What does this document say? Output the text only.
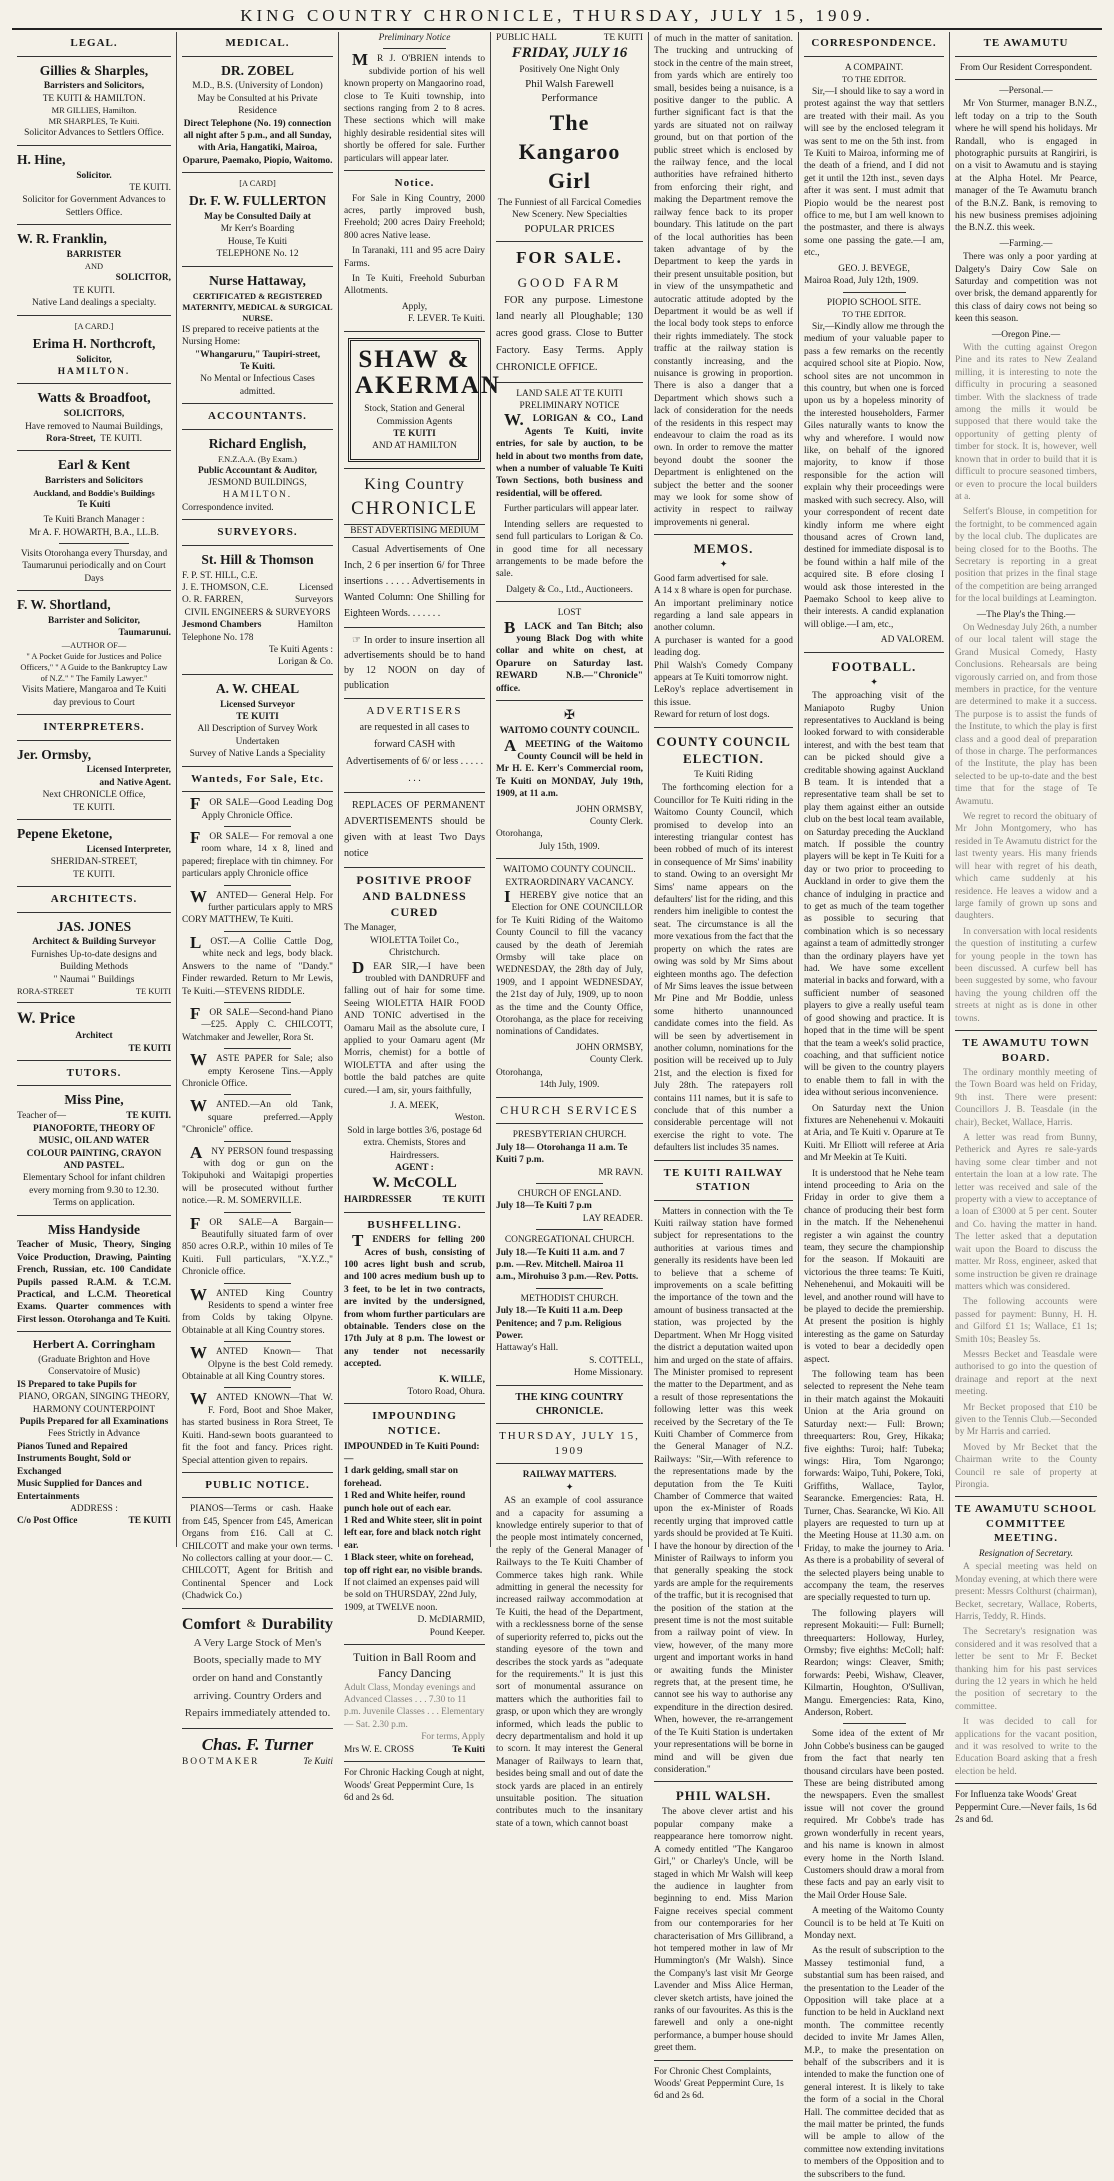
KING COUNTRY CHRONICLE, THURSDAY, JULY 15, 1909.
LEGAL.
Gillies & Sharples,
Barristers and Solicitors,
TE KUITI & HAMILTON.
MR GILLIES, Hamilton.
MR SHARPLES, Te Kuiti.
Solicitor Advances to Settlers Office.
H. Hine,
Solicitor.
TE KUITI.
Solicitor for Government Advances to Settlers Office.
W. R. Franklin,
BARRISTER
AND
SOLICITOR,
TE KUITI.
Native Land dealings a specialty.
[A CARD.]
Erima H. Northcroft,
Solicitor,
HAMILTON.
Watts & Broadfoot,
SOLICITORS,
Have removed to Naumai Buildings,
Rora-Street, TE KUITI.
Earl & Kent
Barristers and Solicitors
Auckland, and Boddie's Buildings
Te Kuiti
Te Kuiti Branch Manager :
Mr A. F. HOWARTH, B.A., LL.B.
Visits Otorohanga every Thursday, and Taumarunui periodically and on Court Days
F. W. Shortland,
Barrister and Solicitor,
Taumarunui.
—AUTHOR OF—
" A Pocket Guide for Justices and Police Officers," " A Guide to the Bankruptcy Law of N.Z." " The Family Lawyer."
Visits Matiere, Mangaroa and Te Kuiti day previous to Court
INTERPRETERS.
Jer. Ormsby,
Licensed Interpreter,
and Native Agent.
Next CHRONICLE Office,
TE KUITI.
Pepene Eketone,
Licensed Interpreter,
SHERIDAN-STREET,
TE KUITI.
ARCHITECTS.
JAS. JONES
Architect & Building Surveyor
Furnishes Up-to-date designs and Building Methods
" Naumai " Buildings
RORA-STREET	TE KUITI
W. Price
Architect
TE KUITI
TUTORS.
Miss Pine,
Teacher of—	TE KUITI.
PIANOFORTE, THEORY OF MUSIC, OIL AND WATER COLOUR PAINTING, CRAYON AND PASTEL.
Elementary School for infant children every morning from 9.30 to 12.30.
Terms on application.
Miss Handyside
Teacher of Music, Theory, Singing Voice Production, Drawing, Painting French, Russian, etc. 100 Candidate Pupils passed R.A.M. & T.C.M. Practical, and L.C.M. Theoretical Exams. Quarter commences with First lesson. Otorohanga and Te Kuiti.
Herbert A. Corringham
(Graduate Brighton and Hove Conservatoire of Music)
IS Prepared to take Pupils for
PIANO, ORGAN, SINGING THEORY, HARMONY COUNTERPOINT
Pupils Prepared for all Examinations
Fees Strictly in Advance
Pianos Tuned and Repaired Instruments Bought, Sold or Exchanged
Music Supplied for Dances and Entertainments
ADDRESS :
C/o Post Office	TE KUITI
MEDICAL.
DR. ZOBEL
M.D., B.S. (University of London)
May be Consulted at his Private Residence
Direct Telephone (No. 19) connection all night after 5 p.m., and all Sunday, with Aria, Hangatiki, Mairoa, Oparure, Paemako, Piopio, Waitomo.
[A CARD]
Dr. F. W. FULLERTON
May be Consulted Daily at
Mr Kerr's Boarding
House, Te Kuiti
TELEPHONE No. 12
Nurse Hattaway,
CERTIFICATED & REGISTERED MATERNITY, MEDICAL & SURGICAL NURSE.
IS prepared to receive patients at the Nursing Home:
"Whangaruru," Taupiri-street,
Te Kuiti.
No Mental or Infectious Cases admitted.
ACCOUNTANTS.
Richard English,
F.N.Z.A.A. (By Exam.)
Public Accountant & Auditor,
JESMOND BUILDINGS,
HAMILTON.
Correspondence invited.
SURVEYORS.
St. Hill & Thomson
F. P. ST. HILL, C.E.
J. E. THOMSON, C.E.	Licensed
O. R. FARREN,	Surveyors
CIVIL ENGINEERS & SURVEYORS
Jesmond Chambers	Hamilton
Telephone No. 178
Te Kuiti Agents :
Lorigan & Co.
A. W. CHEAL
Licensed Surveyor
TE KUITI
All Description of Survey Work
Undertaken
Survey of Native Lands a Speciality
Wanteds, For Sale, Etc.

FOR SALE—Good Leading Dog Apply Chronicle Office.

FOR SALE— For removal a one room whare, 14 x 8, lined and papered; fireplace with tin chimney. For particulars apply Chronicle office

WANTED— General Help. For further particulars apply to MRS CORY MATTHEW, Te Kuiti.

LOST.—A Collie Cattle Dog, white neck and legs, body black. Answers to the name of "Dandy." Finder rewarded. Return to Mr Lewis, Te Kuiti.—STEVENS RIDDLE.

FOR SALE—Second-hand Piano—£25. Apply C. CHILCOTT, Watchmaker and Jeweller, Rora St.

WASTE PAPER for Sale; also empty Kerosene Tins.—Apply Chronicle Office.

WANTED.—An old Tank, square preferred.—Apply "Chronicle" office.

ANY PERSON found trespassing with dog or gun on the Tokipuhoki and Waitapigi properties will be prosecuted without further notice.—R. M. SOMERVILLE.

FOR SALE—A Bargain—Beautifully situated farm of over 850 acres O.R.P., within 10 miles of Te Kuiti. Full particulars, "X.Y.Z.," Chronicle office.

WANTED King Country Residents to spend a winter free from Colds by taking Olpyne. Obtainable at all King Country stores.

WANTED Known— That Olpyne is the best Cold remedy. Obtainable at all King Country stores.

WANTED KNOWN—That W. F. Ford, Boot and Shoe Maker, has started business in Rora Street, Te Kuiti. Hand-sewn boots guaranteed to fit the foot and fancy. Prices right. Special attention given to repairs.

PUBLIC NOTICE.

PIANOS—Terms or cash. Haake from £45, Spencer from £45, American Organs from £16. Call at C. CHILCOTT and make your own terms. No collectors calling at your door.— C. CHILCOTT, Agent for British and Continental Spencer and Lock (Chadwick Co.)

Comfort & Durability
A Very Large Stock of Men's Boots, specially made to MY order on hand and Constantly arriving. Country Orders and Repairs immediately attended to.
Chas. F. Turner
BOOTMAKER	Te Kuiti
Preliminary Notice

MR J. O'BRIEN intends to subdivide portion of his well known property on Mangaorino road, close to Te Kuiti township, into sections ranging from 2 to 8 acres. These sections which will make highly desirable residential sites will shortly be offered for sale. Further particulars will appear later.

Notice.

For Sale in King Country, 2000 acres, partly improved bush, Freehold; 200 acres Dairy Freehold; 800 acres Native lease.

In Taranaki, 111 and 95 acre Dairy Farms.

In Te Kuiti, Freehold Suburban Allotments.

Apply,
F. LEVER. Te Kuiti.
SHAW &
AKERMAN
Stock, Station and General Commission Agents
TE KUITI
AND AT HAMILTON
King Country
CHRONICLE
BEST ADVERTISING MEDIUM

Casual Advertisements of One Inch, 2 6 per insertion 6/ for Three insertions . . . . . Advertisements in Wanted Column: One Shilling for Eighteen Words. . . . . . .

☞ In order to insure insertion all advertisements should be to hand by 12 NOON on day of publication

ADVERTISERS
are requested in all cases to forward CASH with Advertisements of 6/ or less . . . . . . . .

REPLACES OF PERMANENT ADVERTISEMENTS should be given with at least Two Days notice

POSITIVE PROOF AND BALDNESS CURED
The Manager,
WIOLETTA Toilet Co.,
Christchurch.

DEAR SIR,—I have been troubled with DANDRUFF and falling out of hair for some time. Seeing WIOLETTA HAIR FOOD AND TONIC advertised in the Oamaru Mail as the absolute cure, I applied to your Oamaru agent (Mr Morris, chemist) for a bottle of WIOLETTA and after using the bottle the bald patches are quite cured.—I am, sir, yours faithfully,

J. A. MEEK,
Weston.
Sold in large bottles 3/6, postage 6d extra. Chemists, Stores and Hairdressers.
AGENT :
W. McCOLL
HAIRDRESSER	TE KUITI
BUSHFELLING.

TENDERS for felling 200 Acres of bush, consisting of 100 acres light bush and scrub, and 100 acres medium bush up to 3 feet, to be let in two contracts, are invited by the undersigned, from whom further particulars are obtainable. Tenders close on the 17th July at 8 p.m. The lowest or any tender not necessarily accepted.

K. WILLE,
Totoro Road, Ohura.
IMPOUNDING NOTICE.
IMPOUNDED in Te Kuiti Pound:—
1 dark gelding, small star on forehead.
1 Red and White heifer, round punch hole out of each ear.
1 Red and White steer, slit in point left ear, fore and black notch right ear.
1 Black steer, white on forehead, top off right ear, no visible brands.
If not claimed an expenses paid will be sold on THURSDAY, 22nd July, 1909, at TWELVE noon.
D. McDIARMID,
Pound Keeper.
Tuition in Ball Room and Fancy Dancing
Adult Class, Monday evenings and Advanced Classes . . . 7.30 to 11 p.m. Juvenile Classes . . . Elementary — Sat. 2.30 p.m.
For terms, Apply
Mrs W. E. CROSS	Te Kuiti
For Chronic Hacking Cough at night, Woods' Great Peppermint Cure, 1s 6d and 2s 6d.
PUBLIC HALL	TE KUITI
FRIDAY, JULY 16
Positively One Night Only
Phil Walsh Farewell Performance
The Kangaroo Girl
The Funniest of all Farcical Comedies
New Scenery. New Specialties
POPULAR PRICES
FOR SALE.
GOOD FARM

FOR any purpose. Limestone land nearly all Ploughable; 130 acres good grass. Close to Butter Factory. Easy Terms. Apply CHRONICLE OFFICE.

LAND SALE AT TE KUITI
PRELIMINARY NOTICE

W.LORIGAN & CO., Land Agents Te Kuiti, invite entries, for sale by auction, to be held in about two months from date, when a number of valuable Te Kuiti Town Sections, both business and residential, will be offered.

Further particulars will appear later.

Intending sellers are requested to send full particulars to Lorigan & Co. in good time for all necessary arrangements to be made before the sale.

Dalgety & Co., Ltd., Auctioneers.
LOST

BLACK and Tan Bitch; also young Black Dog with white collar and white on chest, at Oparure on Saturday last. REWARD N.B.—"Chronicle" office.

✠
WAITOMO COUNTY COUNCIL.

AMEETING of the Waitomo County Council will be held in Mr H. E. Kerr's Commercial room, Te Kuiti on MONDAY, July 19th, 1909, at 11 a.m.

JOHN ORMSBY,
County Clerk.
Otorohanga,
July 15th, 1909.
WAITOMO COUNTY COUNCIL.
EXTRAORDINARY VACANCY.

IHEREBY give notice that an Election for ONE COUNCILLOR for Te Kuiti Riding of the Waitomo County Council to fill the vacancy caused by the death of Jeremiah Ormsby will take place on WEDNESDAY, the 28th day of July, 1909, and I appoint WEDNESDAY, the 21st day of July, 1909, up to noon as the time and the County Office, Otorohanga, as the place for receiving nominations of Candidates.

JOHN ORMSBY,
County Clerk.
Otorohanga,
14th July, 1909.
CHURCH SERVICES
PRESBYTERIAN CHURCH.
July 18— Otorohanga 11 a.m. Te Kuiti 7 p.m.
MR RAVN.
CHURCH OF ENGLAND.
July 18—Te Kuiti 7 p.m
LAY READER.
CONGREGATIONAL CHURCH.
July 18.—Te Kuiti 11 a.m. and 7 p.m. —Rev. Mitchell. Mairoa 11 a.m., Mirohuiso 3 p.m.—Rev. Potts.
METHODIST CHURCH.
July 18.—Te Kuiti 11 a.m. Deep Penitence; and 7 p.m. Religious Power.
Hattaway's Hall.
S. COTTELL,
Home Missionary.
THE KING COUNTRY CHRONICLE.
THURSDAY, JULY 15, 1909
RAILWAY MATTERS.
✦

AS an example of cool assurance and a capacity for assuming a knowledge entirely superior to that of the people most intimately concerned, the reply of the General Manager of Railways to the Te Kuiti Chamber of Commerce takes high rank. While admitting in general the necessity for increased railway accommodation at Te Kuiti, the head of the Department, with a recklessness borne of the sense of superiority referred to, picks out the standing eyesore of the town and describes the stock yards as "adequate for the requirements." It is just this sort of monumental assurance on matters which the authorities fail to grasp, or upon which they are wrongly informed, which leads the public to decry departmentalism and hold it up to scorn. It may interest the General Manager of Railways to learn that, besides being small and out of date the stock yards are placed in an entirely unsuitable position. The situation contributes much to the insanitary state of a town, which cannot boast

of much in the matter of sanitation. The trucking and untrucking of stock in the centre of the main street, from yards which are entirely too small, besides being a nuisance, is a positive danger to the public. A further significant fact is that the yards are situated not on railway ground, but on that portion of the public street which is enclosed by the railway fence, and the local authorities have refrained hitherto from enforcing their right, and making the Department remove the railway fence back to its proper boundary. This latitude on the part of the local authorities has been taken advantage of by the Department to keep the yards in their present unsuitable position, but in view of the unsympathetic and autocratic attitude adopted by the Department it would be as well if the local body took steps to enforce their rights immediately. The stock traffic at the railway station is constantly increasing, and the nuisance is growing in proportion. There is also a danger that a Department which shows such a lack of consideration for the needs of the residents in this respect may endeavour to claim the road as its own. In order to remove the matter beyond doubt the sooner the Department is enlightened on the subject the better and the sooner may we look for some show of activity in respect to railway improvements ni general.

MEMOS.
✦

Good farm advertised for sale.
A 14 x 8 whare is open for purchase.
An important preliminary notice regarding a land sale appears in another column.
A purchaser is wanted for a good leading dog.
Phil Walsh's Comedy Company appears at Te Kuiti tomorrow night.
LeRoy's replace advertisement in this issue.
Reward for return of lost dogs.

COUNTY COUNCIL ELECTION.
Te Kuiti Riding

The forthcoming election for a Councillor for Te Kuiti riding in the Waitomo County Council, which promised to develop into an interesting triangular contest has been robbed of much of its interest in consequence of Mr Sims' inability to stand. Owing to an oversight Mr Sims' name appears on the defaulters' list for the riding, and this renders him ineligible to contest the seat. The circumstance is all the more vexatious from the fact that the property on which the rates are owing was sold by Mr Sims about eighteen months ago. The defection of Mr Sims leaves the issue between Mr Pine and Mr Boddie, unless some hitherto unannounced candidate comes into the field. As will be seen by advertisement in another column, nominations for the position will be received up to July 21st, and the election is fixed for July 28th. The ratepayers roll contains 111 names, but it is safe to conclude that of this number a considerable percentage will not exercise the right to vote. The defaulters list includes 35 names.

TE KUITI RAILWAY STATION

Matters in connection with the Te Kuiti railway station have formed subject for representations to the authorities at various times and generally its residents have been led to believe that a scheme of improvements on a scale befitting the importance of the town and the amount of business transacted at the station, was projected by the Department. When Mr Hogg visited the district a deputation waited upon him and urged on the state of affairs. The Minister promised to represent the matter to the Department, and as a result of those representations the following letter was this week received by the Secretary of the Te Kuiti Chamber of Commerce from the General Manager of N.Z. Railways: "Sir,—With reference to the representations made by the deputation from the Te Kuiti Chamber of Commerce that waited upon the ex-Minister of Roads recently urging that improved cattle yards should be provided at Te Kuiti. I have the honour by direction of the Minister of Railways to inform you that generally speaking the stock yards are ample for the requirements of the traffic, but it is recognised that the position of the station at the present time is not the most suitable from a railway point of view. In view, however, of the many more urgent and important works in hand or awaiting funds the Minister regrets that, at the present time, he cannot see his way to authorise any expenditure in the direction desired. When, however, the re-arrangement of the Te Kuiti Station is undertaken your representations will be borne in mind and will be given due consideration."

PHIL WALSH.

The above clever artist and his popular company make a reappearance here tomorrow night. A comedy entitled "The Kangaroo Girl," or Charley's Uncle, will be staged in which Mr Walsh will keep the audience in laughter from beginning to end. Miss Marion Faigne receives special comment from our contemporaries for her characterisation of Mrs Gillibrand, a hot tempered mother in law of Mr Hummington's (Mr Walsh). Since the Company's last visit Mr George Lavender and Miss Alice Herman, clever sketch artists, have joined the ranks of our favourites. As this is the farewell and only a one-night performance, a bumper house should greet them.

For Chronic Chest Complaints, Woods' Great Peppermint Cure, 1s 6d and 2s 6d.
CORRESPONDENCE.
A COMPAINT.
TO THE EDITOR.

Sir,—I should like to say a word in protest against the way that settlers are treated with their mail. As you will see by the enclosed telegram it was sent to me on the 5th inst. from Te Kuiti to Mairoa, informing me of the death of a friend, and I did not get it until the 12th inst., seven days after it was sent. I must admit that Piopio would be the nearest post office to me, but I am well known to the postmaster, and there is always some one passing the gate.—I am, etc.,

GEO. J. BEVEGE,
Mairoa Road, July 12th, 1909.
PIOPIO SCHOOL SITE.
TO THE EDITOR.

Sir,—Kindly allow me through the medium of your valuable paper to pass a few remarks on the recently acquired school site at Piopio. Now, school sites are not uncommon in this country, but when one is forced upon us by a hopeless minority of the interested householders, Farmer Giles naturally wants to know the why and wherefore. I would now like, on behalf of the ignored majority, to know if those responsible for the action will explain why their proceedings were masked with such secrecy. Also, will your correspondent of recent date kindly inform me where eight thousand acres of Crown land, destined for immediate disposal is to be found within a half mile of the acquired site. B efore closing I would ask those interested in the Paemako School to keep alive to their interests. A candid explanation will oblige.—I am, etc.,

AD VALOREM.
FOOTBALL.
✦

The approaching visit of the Maniapoto Rugby Union representatives to Auckland is being looked forward to with considerable interest, and with the best team that can be picked should give a creditable showing against Auckland B team. It is intended that a representative team shall be set to play them against either an outside club on the best local team available, on Saturday preceding the Auckland match. If possible the country players will be kept in Te Kuiti for a day or two prior to proceeding to Auckland in order to give them the chance of indulging in practice and to get as much of the team together as possible to securing that combination which is so necessary against a team of admittedly stronger than the ordinary players have yet had. We have some excellent material in backs and forward, with a sufficient number of seasoned players to give a really useful team of good showing and practice. It is hoped that in the time will be spent that the team a week's solid practice, coaching, and that sufficient notice will be given to the country players to enable them to fall in with the idea without serious inconvenience.

On Saturday next the Union fixtures are Nehenehenui v. Mokauiti at Aria, and Te Kuiti v. Oparure at Te Kuiti. Mr Elliott will referee at Aria and Mr Meekin at Te Kuiti.

It is understood that he Nehe team intend proceeding to Aria on the Friday in order to give them a chance of producing their best form in the match. If the Nehenehenui register a win against the country team, they secure the championship for the season. If Mokauiti are victorious the three teams: Te Kuiti, Nehenehenui, and Mokauiti will be level, and another round will have to be played to decide the premiership. At present the position is highly interesting as the game on Saturday is voted to bear a decidedly open aspect.

The following team has been selected to represent the Nehe team in their match against the Mokauiti Union at the Aria ground on Saturday next:— Full: Brown; threequarters: Rou, Grey, Hikaka; five eighths: Turoi; half: Tubeka; wings: Hira, Tom Ngarongo; forwards: Waipo, Tuhi, Pokere, Toki, Griffiths, Wallace, Taylor, Searancke. Emergencies: Rata, H. Turner, Chas. Searancke, Wi Kio. All players are requested to turn up at the Meeting House at 11.30 a.m. on Friday, to make the journey to Aria. As there is a probability of several of the selected players being unable to accompany the team, the reserves are specially requested to turn up.

The following players will represent Mokauiti:— Full: Burnell; threequarters: Holloway, Hurley, Ormsby; five eighths: McColl; half: Reardon; wings: Cleaver, Smith; forwards: Peebi, Wishaw, Cleaver, Kilmartin, Houghton, O'Sullivan, Mangu. Emergencies: Rata, Kino, Anderson, Robert.

Some idea of the extent of Mr John Cobbe's business can be gauged from the fact that nearly ten thousand circulars have been posted. These are being distributed among the newspapers. Even the smallest issue will not cover the ground required. Mr Cobbe's trade has grown wonderfully in recent years, and his name is known in almost every home in the North Island. Customers should draw a moral from these facts and pay an early visit to the Mail Order House Sale.

A meeting of the Waitomo County Council is to be held at Te Kuiti on Monday next.

As the result of subscription to the Massey testimonial fund, a substantial sum has been raised, and the presentation to the Leader of the Opposition will take place at a function to be held in Auckland next month. The committee recently decided to invite Mr James Allen, M.P., to make the presentation on behalf of the subscribers and it is intended to make the function one of general interest. It is likely to take the form of a social in the Choral Hall. The committee decided that as the mail matter be printed, the funds will be ample to allow of the committee now extending invitations to members of the Opposition and to the subscribers to the fund.

TE AWAMUTU
From Our Resident Correspondent.
—Personal.—

Mr Von Sturmer, manager B.N.Z., left today on a trip to the South where he will spend his holidays. Mr Randall, who is engaged in photographic pursuits at Rangiriri, is on a visit to Awamutu and is staying at the Alpha Hotel. Mr Pearce, manager of the Te Awamutu branch of the B.N.Z. Bank, is removing to his new business premises adjoining the B.N.Z. this week.

—Farming.—

There was only a poor yarding at Dalgety's Dairy Cow Sale on Saturday and competition was not over brisk, the demand apparently for this class of dairy cows not being so keen this season.

—Oregon Pine.—

With the cutting against Oregon Pine and its rates to New Zealand milling, it is interesting to note the difficulty in procuring a seasoned timber. With the slackness of trade among the mills it would be supposed that there would take the opportunity of getting plenty of timber for stock. It is, however, well known that in order to build that it is difficult to procure seasoned timbers, or even to procure the local builders at a.

Selfert's Blouse, in competition for the fortnight, to be commenced again by the local club. The duplicates are being closed for to the Booths. The Secretary is reporting in a great position that prizes in the final stage of the competition are being arranged for the local buildings at Leamington.

—The Play's the Thing.—

On Wednesday July 26th, a number of our local talent will stage the Grand Musical Comedy, Hasty Conclusions. Rehearsals are being vigorously carried on, and from those members in practice, for the venture are determined to make it a success. The purpose is to assist the funds of the Institute, to which the play is first class and a good deal of preparation of those in charge. The performances of the Institute, the play has been selected to be up-to-date and the best time that for the stage of Te Awamutu.

We regret to record the obituary of Mr John Montgomery, who has resided in Te Awamutu district for the last twenty years. His many friends will hear with regret of his death, which came suddenly at his residence. He leaves a widow and a large family of grown up sons and daughters.

In conversation with local residents the question of instituting a curfew for young people in the town has been discussed. A curfew bell has been suggested by some, who favour having the young children off the streets at night as is done in other towns.

TE AWAMUTU TOWN BOARD.

The ordinary monthly meeting of the Town Board was held on Friday, 9th inst. There were present: Councillors J. B. Teasdale (in the chair), Becket, Wallace, Harris.

A letter was read from Bunny, Petherick and Ayres re sale-yards having some clear timber and not entertain the loan at a low rate. The letter was received and sale of the property with a view to acceptance of a loan of £3000 at 5 per cent. Souter and Co. having the matter in hand. The letter asked that a deputation wait upon the Board to discuss the matter. Mr Ross, engineer, asked that some instruction be given re drainage matters which was considered.

The following accounts were passed for payment: Bunny, H. H. and Gilford £1 1s; Wallace, £1 1s; Smith 10s; Beasley 5s.

Messrs Becket and Teasdale were authorised to go into the question of drainage and report at the next meeting.

Mr Becket proposed that £10 be given to the Tennis Club.—Seconded by Mr Harris and carried.

Moved by Mr Becket that the Chairman write to the County Council re sale of property at Pirongia.

TE AWAMUTU SCHOOL COMMITTEE MEETING.
Resignation of Secretary.

A special meeting was held on Monday evening, at which there were present: Messrs Colthurst (chairman), Becket, secretary, Wallace, Roberts, Harris, Teddy, R. Hinds.

The Secretary's resignation was considered and it was resolved that a letter be sent to Mr F. Becket thanking him for his past services during the 12 years in which he held the position of secretary to the committee.

It was decided to call for applications for the vacant position, and it was resolved to write to the Education Board asking that a fresh election be held.

For Influenza take Woods' Great Peppermint Cure.—Never fails, 1s 6d 2s and 6d.
